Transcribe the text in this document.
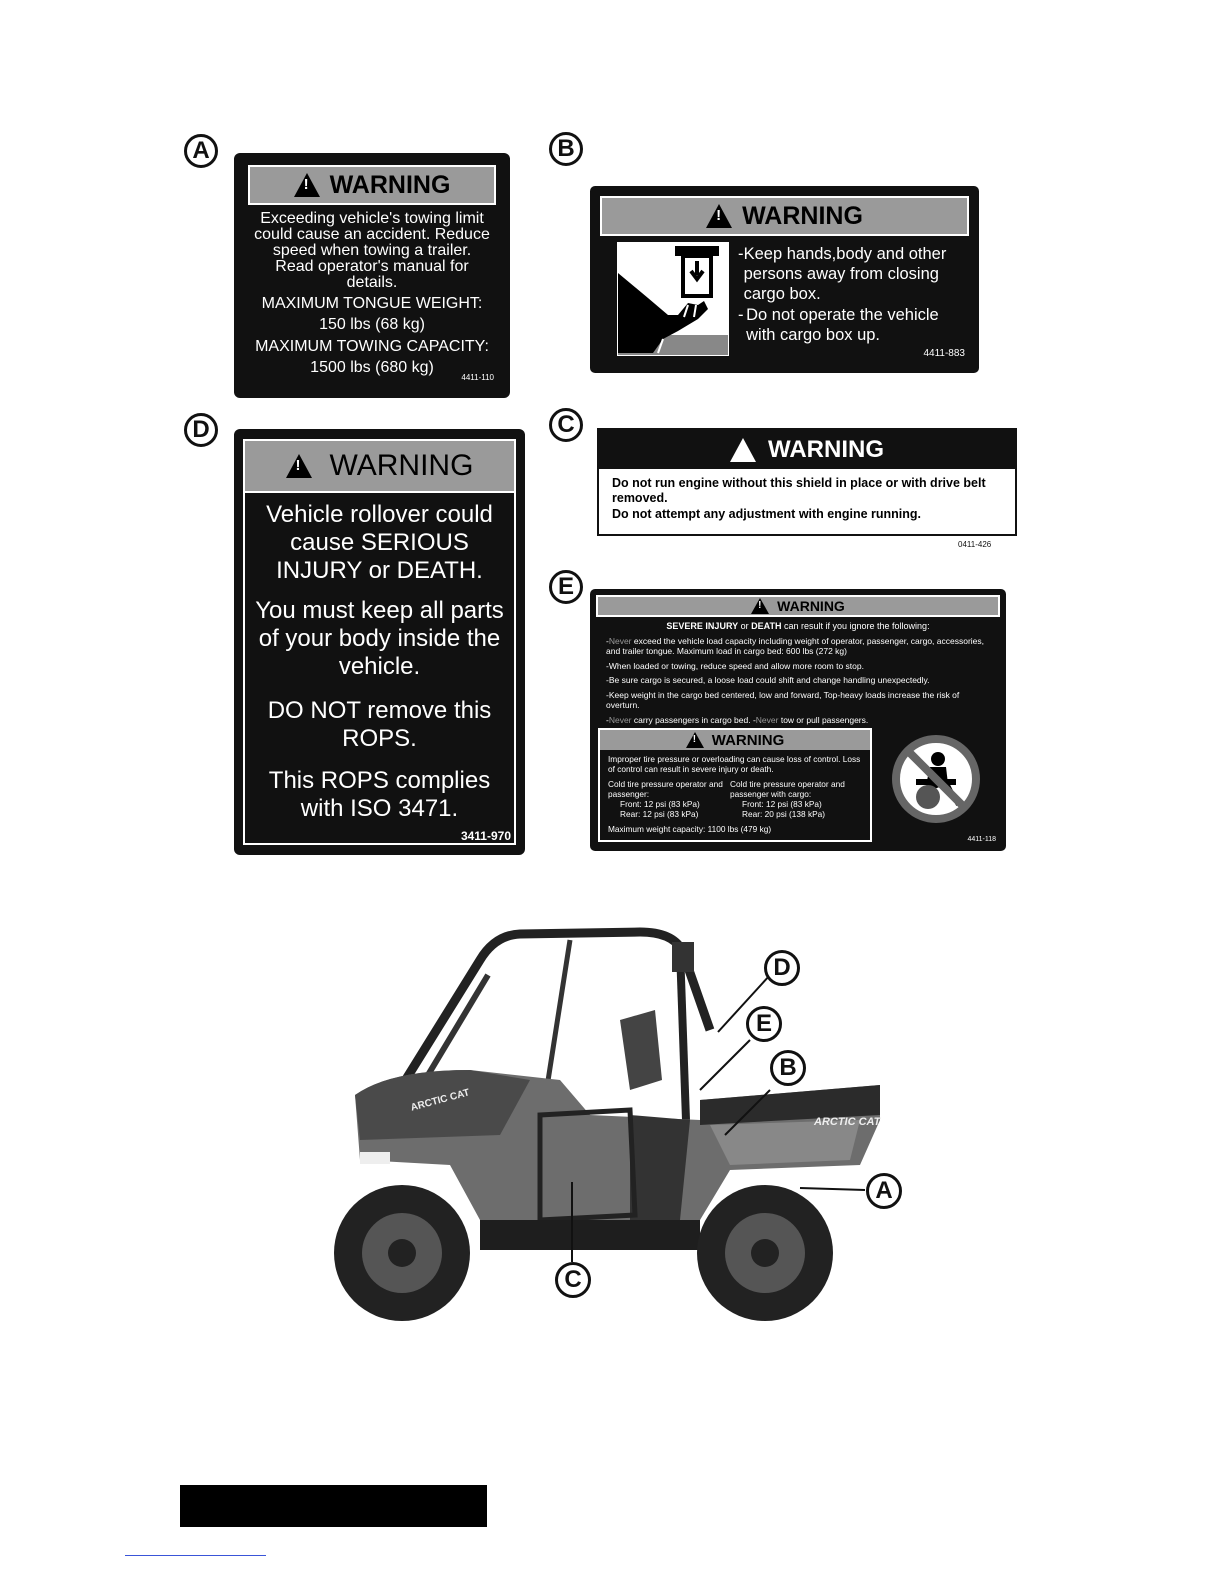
A	B
D	C
E
!
WARNING
Exceeding vehicle's towing limit could cause an accident. Reduce speed when towing a trailer. Read operator's manual for details.
MAXIMUM TONGUE WEIGHT:
150 lbs (68 kg)
MAXIMUM TOWING CAPACITY:
1500 lbs (680 kg)
4411-110
!
WARNING
- Keep hands,body and other persons away from closing cargo box.
- Do not operate the vehicle with cargo box up.
4411-883
WARNING
Do not run engine without this shield in place or with drive belt removed.
Do not attempt any adjustment with engine running.
0411-426
!
WARNING
Vehicle rollover could cause SERIOUS INJURY or DEATH.
You must keep all parts of your body inside the vehicle.
DO NOT remove this ROPS.
This ROPS complies with ISO 3471.
3411-970
!
WARNING
SEVERE INJURY or DEATH can result if you ignore the following:

-Never exceed the vehicle load capacity including weight of operator, passenger, cargo, accessories, and trailer tongue. Maximum load in cargo bed: 600 lbs (272 kg)

-When loaded or towing, reduce speed and allow more room to stop.

-Be sure cargo is secured, a loose load could shift and change handling unexpectedly.

-Keep weight in the cargo bed centered, low and forward, Top-heavy loads increase the risk of overturn.

-Never carry passengers in cargo bed. -Never tow or pull passengers.

!
WARNING
Improper tire pressure or overloading can cause loss of control. Loss of control can result in severe injury or death.
Cold tire pressure operator and passenger:
Front: 12 psi (83 kPa)
Rear: 12 psi (83 kPa)
Cold tire pressure operator and passenger with cargo:
Front: 12 psi (83 kPa)
Rear: 20 psi (138 kPa)
Maximum weight capacity: 1100 lbs (479 kg)
4411-118
ARCTIC CAT
ARCTIC CAT
D
E
B
A
C
